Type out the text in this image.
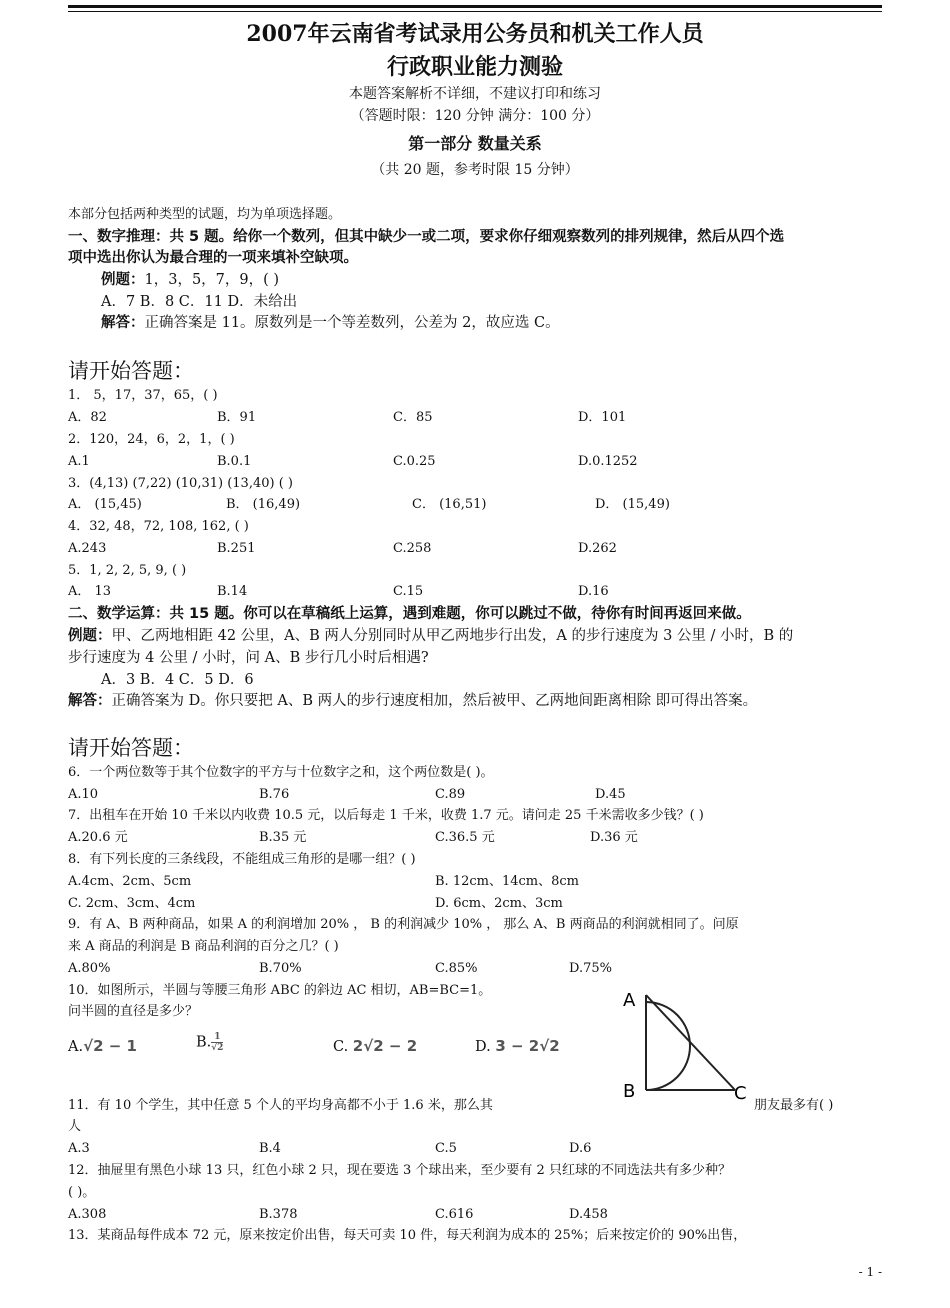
2007年云南省考试录用公务员和机关工作人员
行政职业能力测验
本题答案解析不详细，不建议打印和练习
（答题时限：120 分钟 满分：100 分）
第一部分 数量关系
（共 20 题，参考时限 15 分钟）
本部分包括两种类型的试题，均为单项选择题。
一、数字推理：共 5 题。给你一个数列，但其中缺少一或二项，要求你仔细观察数列的排列规律，然后从四个选
项中选出你认为最合理的一项来填补空缺项。
例题：1，3，5，7，9，( )
A．7 B．8 C．11 D．未给出
解答：正确答案是 11。原数列是一个等差数列，公差为 2，故应选 C。
请开始答题：
1． 5，17，37，65，( )
A．82	B．91	C．85	D．101
2．120，24，6，2，1，( )
A.1	B.0.1	C.0.25	D.0.1252
3．(4,13) (7,22) (10,31) (13,40) ( )
A． (15,45)	B． (16,49)	C． (16,51)	D． (15,49)
4．32, 48，72, 108, 162, ( )
A.243	B.251	C.258	D.262
5．1, 2, 2, 5, 9, ( )
A． 13	B.14	C.15	D.16
二、数学运算：共 15 题。你可以在草稿纸上运算，遇到难题，你可以跳过不做，待你有时间再返回来做。
例题：甲、乙两地相距 42 公里，A、B 两人分别同时从甲乙两地步行出发，A 的步行速度为 3 公里 / 小时，B 的
步行速度为 4 公里 / 小时，问 A、B 步行几小时后相遇?
A．3 B．4 C．5 D．6
解答：正确答案为 D。你只要把 A、B 两人的步行速度相加，然后被甲、乙两地间距离相除 即可得出答案。
请开始答题：
6．一个两位数等于其个位数字的平方与十位数字之和，这个两位数是( )。
A.10	B.76	C.89	D.45
7．出租车在开始 10 千米以内收费 10.5 元，以后每走 1 千米，收费 1.7 元。请问走 25 千米需收多少钱？( )
A.20.6 元	B.35 元	C.36.5 元	D.36 元
8．有下列长度的三条线段，不能组成三角形的是哪一组？( )
A.4cm、2cm、5cm	B. 12cm、14cm、8cm
C. 2cm、3cm、4cm	D. 6cm、2cm、3cm
9．有 A、B 两种商品，如果 A 的利润增加 20% ， B 的利润减少 10% ， 那么 A、B 两商品的利润就相同了。问原
来 A 商品的利润是 B 商品利润的百分之几？( )
A.80%	B.70%	C.85%	D.75%
10．如图所示，半圆与等腰三角形 ABC 的斜边 AC 相切，AB=BC=1。
问半圆的直径是多少？
A.√2 − 1	B. $\frac{1}{√2}$	C. 2√2 − 2	D. 3 − 2√2
A
B	C
11．有 10 个学生，其中任意 5 个人的平均身高都不小于 1.6 米，那么其	朋友最多有( )
人
A.3	B.4	C.5	D.6
12．抽屉里有黑色小球 13 只，红色小球 2 只，现在要选 3 个球出来，至少要有 2 只红球的不同选法共有多少种？
( )。
A.308	B.378	C.616	D.458
13．某商品每件成本 72 元，原来按定价出售，每天可卖 10 件，每天利润为成本的 25%；后来按定价的 90%出售，
- 1 -
